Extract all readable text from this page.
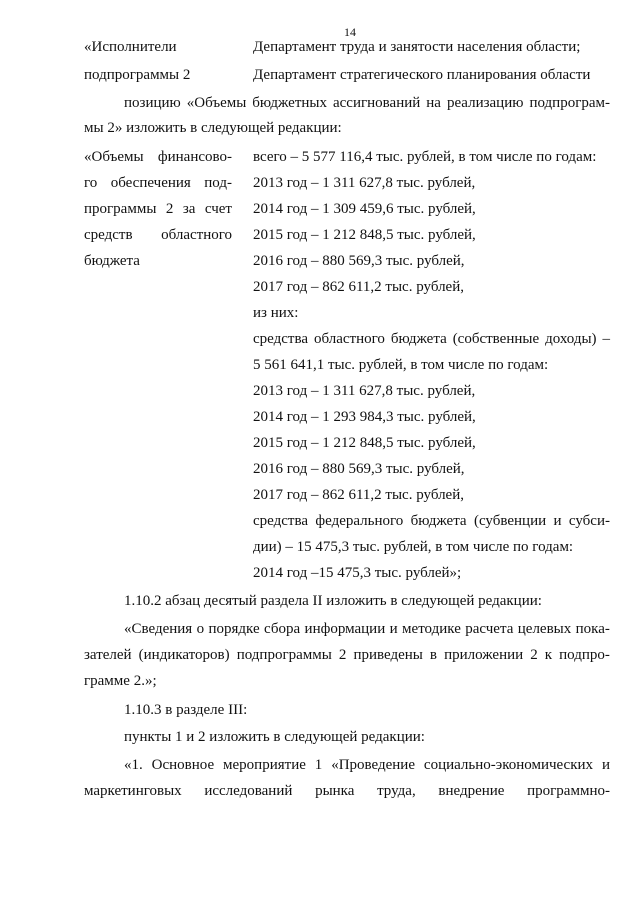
14
«Исполнители	Департамент труда и занятости населения области;
подпрограммы 2	Департамент стратегического планирования области
позицию «Объемы бюджетных ассигнований на реализацию подпрограм-
мы 2» изложить в следующей редакции:
«Объемы финансово-
го обеспечения под-
программы 2 за счет
средств областного
бюджета
всего – 5 577 116,4 тыс. рублей, в том числе по годам:
2013 год – 1 311 627,8 тыс. рублей,
2014 год – 1 309 459,6 тыс. рублей,
2015 год – 1 212 848,5 тыс. рублей,
2016 год – 880 569,3 тыс. рублей,
2017 год – 862 611,2 тыс. рублей,
из них:
средства областного бюджета (собственные доходы) –
5 561 641,1 тыс. рублей, в том числе по годам:
2013 год – 1 311 627,8 тыс. рублей,
2014 год – 1 293 984,3 тыс. рублей,
2015 год – 1 212 848,5 тыс. рублей,
2016 год – 880 569,3 тыс. рублей,
2017 год – 862 611,2 тыс. рублей,
средства федерального бюджета (субвенции и субси-
дии) – 15 475,3 тыс. рублей, в том числе по годам:
2014 год –15 475,3 тыс. рублей»;
1.10.2 абзац десятый раздела II изложить в следующей редакции:
«Сведения о порядке сбора информации и методике расчета целевых пока-
зателей (индикаторов) подпрограммы 2 приведены в приложении 2 к подпро-
грамме 2.»;
1.10.3 в разделе III:
пункты 1 и 2 изложить в следующей редакции:
«1. Основное мероприятие 1 «Проведение социально-экономических и
маркетинговых исследований рынка труда, внедрение программно-
